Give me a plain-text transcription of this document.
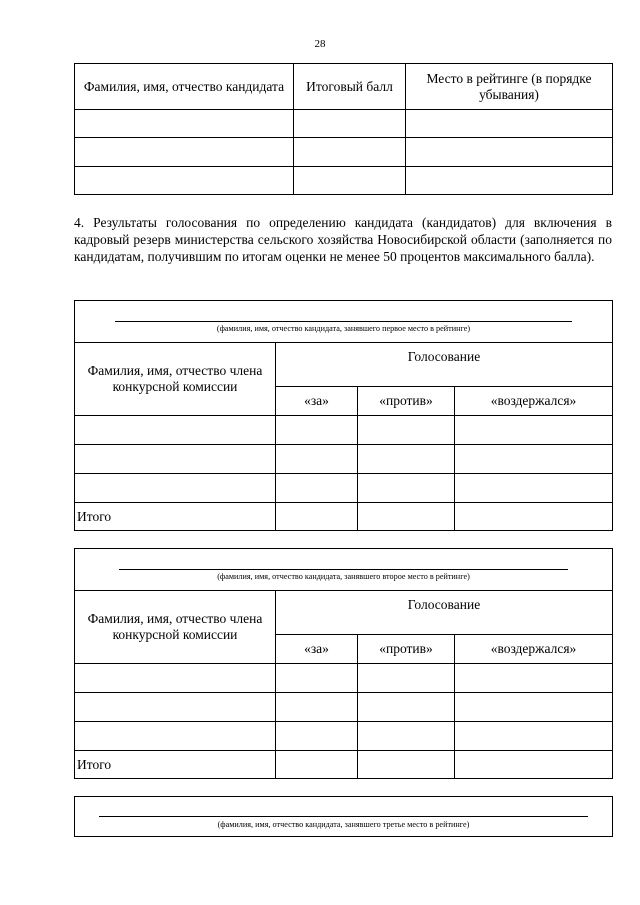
28
Фамилия, имя, отчество кандидата	Итоговый балл	Место в рейтинге (в порядке убывания)

4. Результаты голосования по определению кандидата (кандидатов) для включения в кадровый резерв министерства сельского хозяйства Новосибирской области (заполняется по кандидатам, получившим по итогам оценки не менее 50 процентов максимального балла).
(фамилия, имя, отчество кандидата, занявшего первое место в рейтинге)			

Фамилия, имя, отчество члена конкурсной комиссии	Голосование		
	«за»	«против»	«воздержался»

Итого			
(фамилия, имя, отчество кандидата, занявшего второе место в рейтинге)			

Фамилия, имя, отчество члена конкурсной комиссии	Голосование		
	«за»	«против»	«воздержался»

Итого			
(фамилия, имя, отчество кандидата, занявшего третье место в рейтинге)
